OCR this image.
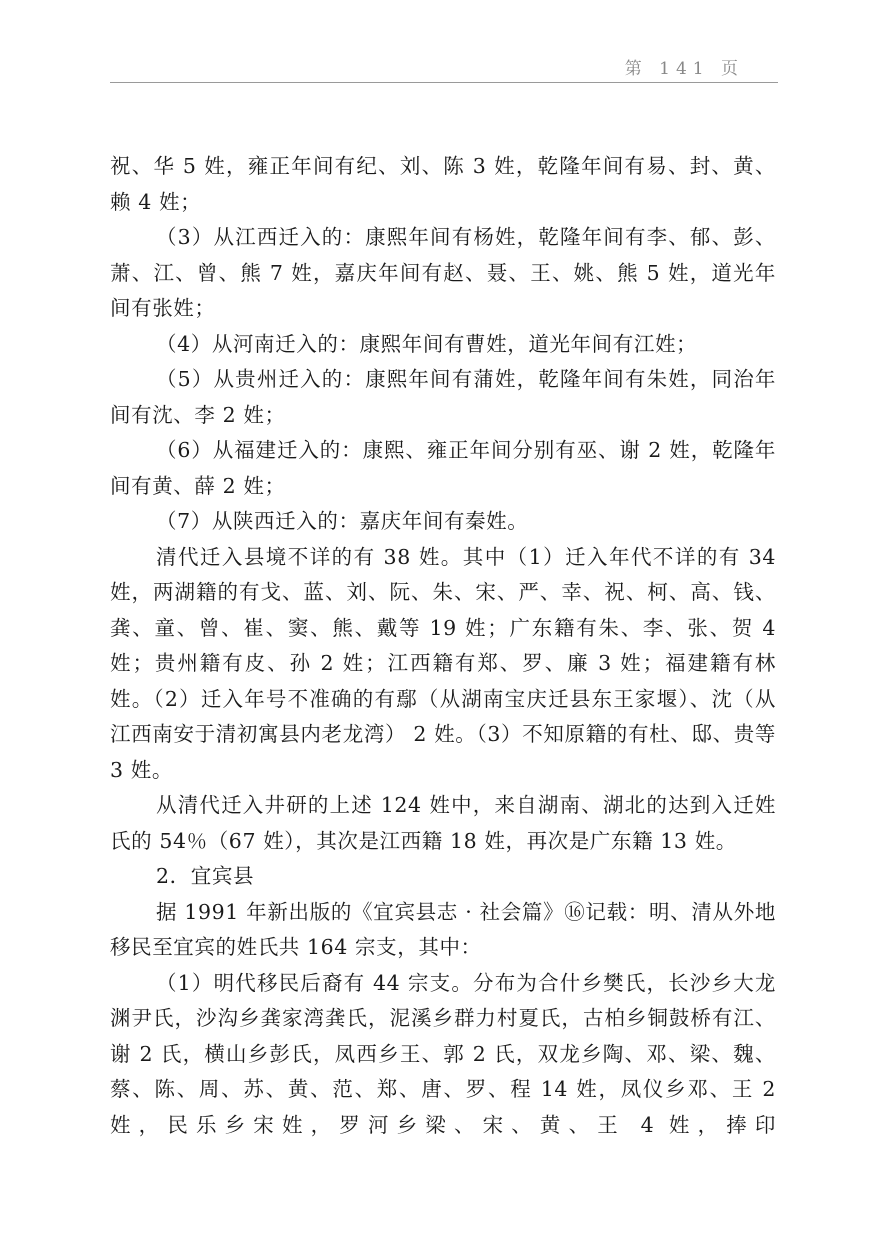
第 141 页

祝、华 5 姓，雍正年间有纪、刘、陈 3 姓，乾隆年间有易、封、黄、赖 4 姓；

（3）从江西迁入的：康熙年间有杨姓，乾隆年间有李、郁、彭、萧、江、曾、熊 7 姓，嘉庆年间有赵、聂、王、姚、熊 5 姓，道光年间有张姓；

（4）从河南迁入的：康熙年间有曹姓，道光年间有江姓；

（5）从贵州迁入的：康熙年间有蒲姓，乾隆年间有朱姓，同治年间有沈、李 2 姓；

（6）从福建迁入的：康熙、雍正年间分别有巫、谢 2 姓，乾隆年间有黄、薛 2 姓；

（7）从陕西迁入的：嘉庆年间有秦姓。

清代迁入县境不详的有 38 姓。其中（1）迁入年代不详的有 34 姓，两湖籍的有戈、蓝、刘、阮、朱、宋、严、幸、祝、柯、高、钱、龚、童、曾、崔、窦、熊、戴等 19 姓；广东籍有朱、李、张、贺 4 姓；贵州籍有皮、孙 2 姓；江西籍有郑、罗、廉 3 姓；福建籍有林姓。（2）迁入年号不准确的有鄢（从湖南宝庆迁县东王家堰）、沈（从江西南安于清初寓县内老龙湾） 2 姓。（3）不知原籍的有杜、邸、贵等 3 姓。

从清代迁入井研的上述 124 姓中，来自湖南、湖北的达到入迁姓氏的 54％（67 姓），其次是江西籍 18 姓，再次是广东籍 13 姓。

2．宜宾县

据 1991 年新出版的《宜宾县志 · 社会篇》⑯记载：明、清从外地移民至宜宾的姓氏共 164 宗支，其中：

（1）明代移民后裔有 44 宗支。分布为合什乡樊氏，长沙乡大龙渊尹氏，沙沟乡龚家湾龚氏，泥溪乡群力村夏氏，古柏乡铜鼓桥有江、谢 2 氏，横山乡彭氏，凤西乡王、郭 2 氏，双龙乡陶、邓、梁、魏、蔡、陈、周、苏、黄、范、郑、唐、罗、程 14 姓，凤仪乡邓、王 2 姓，民乐乡宋姓，罗河乡梁、宋、黄、王 4 姓，捧印
